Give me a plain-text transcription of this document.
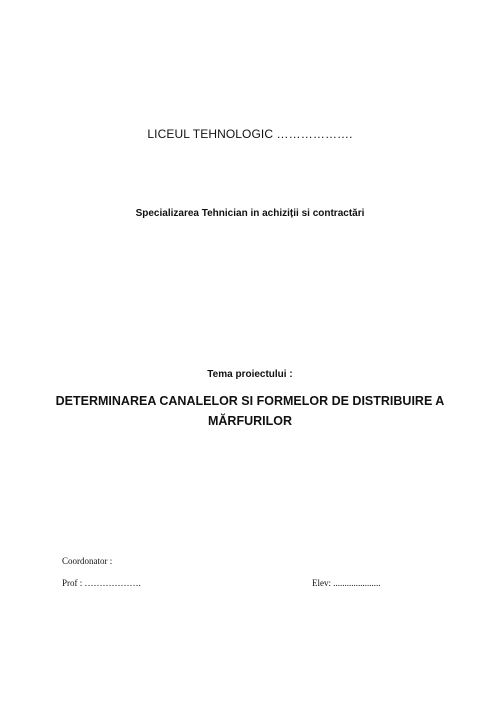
LICEUL TEHNOLOGIC ……………….
Specializarea Tehnician in achiziții si contractări
Tema proiectului :
DETERMINAREA CANALELOR SI FORMELOR DE DISTRIBUIRE A
MĂRFURILOR
Coordonator :
Prof : ……………….	Elev: .....................
